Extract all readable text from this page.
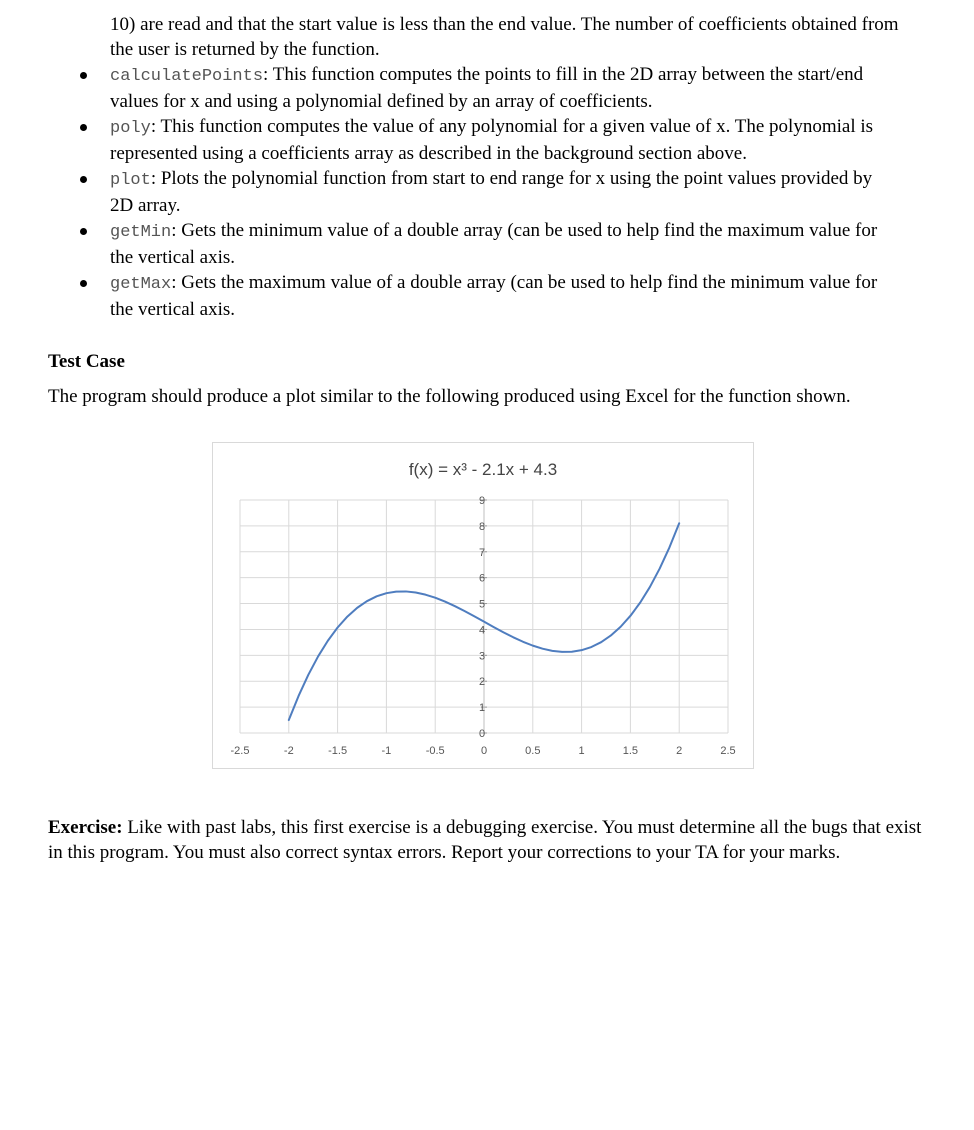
10) are read and that the start value is less than the end value. The number of coefficients obtained from the user is returned by the function.
calculatePoints: This function computes the points to fill in the 2D array between the start/end values for x and using a polynomial defined by an array of coefficients.
poly: This function computes the value of any polynomial for a given value of x. The polynomial is represented using a coefficients array as described in the background section above.
plot: Plots the polynomial function from start to end range for x using the point values provided by 2D array.
getMin: Gets the minimum value of a double array (can be used to help find the maximum value for the vertical axis.
getMax: Gets the maximum value of a double array (can be used to help find the minimum value for the vertical axis.
Test Case
The program should produce a plot similar to the following produced using Excel for the function shown.
f(x) = x³ - 2.1x + 4.3
-2.5	-2	-1.5	-1	-0.5	0	0.5	1	1.5	2	2.5
0
1
2
3
4
5
6
7
8
9
Exercise: Like with past labs, this first exercise is a debugging exercise. You must determine all the bugs that exist in this program. You must also correct syntax errors. Report your corrections to your TA for your marks.
